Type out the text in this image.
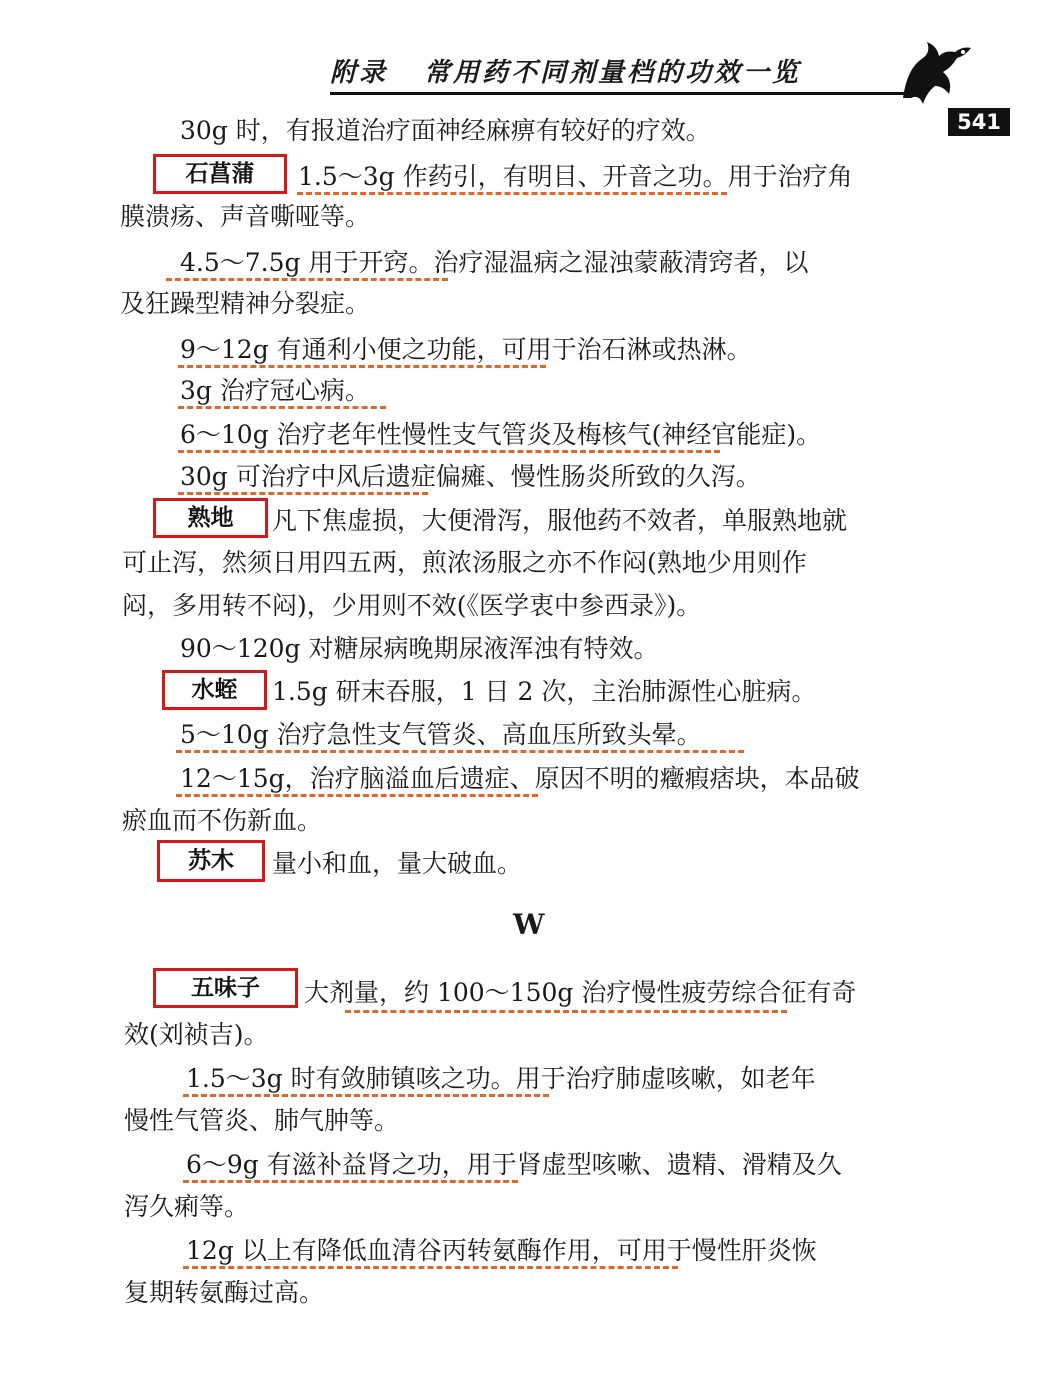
附录 常用药不同剂量档的功效一览
541
石菖蒲
熟地
水蛭
苏木
五味子
30g 时，有报道治疗面神经麻痹有较好的疗效。
1.5～3g 作药引，有明目、开音之功。用于治疗角
膜溃疡、声音嘶哑等。
4.5～7.5g 用于开窍。治疗湿温病之湿浊蒙蔽清窍者，以
及狂躁型精神分裂症。
9～12g 有通利小便之功能，可用于治石淋或热淋。
3g 治疗冠心病。
6～10g 治疗老年性慢性支气管炎及梅核气(神经官能症)。
30g 可治疗中风后遗症偏瘫、慢性肠炎所致的久泻。
凡下焦虚损，大便滑泻，服他药不效者，单服熟地就
可止泻，然须日用四五两，煎浓汤服之亦不作闷(熟地少用则作
闷，多用转不闷)，少用则不效(《医学衷中参西录》)。
90～120g 对糖尿病晚期尿液浑浊有特效。
1.5g 研末吞服，1 日 2 次，主治肺源性心脏病。
5～10g 治疗急性支气管炎、高血压所致头晕。
12～15g，治疗脑溢血后遗症、原因不明的癥瘕痞块，本品破
瘀血而不伤新血。
量小和血，量大破血。
W
大剂量，约 100～150g 治疗慢性疲劳综合征有奇
效(刘祯吉)。
1.5～3g 时有敛肺镇咳之功。用于治疗肺虚咳嗽，如老年
慢性气管炎、肺气肿等。
6～9g 有滋补益肾之功，用于肾虚型咳嗽、遗精、滑精及久
泻久痢等。
12g 以上有降低血清谷丙转氨酶作用，可用于慢性肝炎恢
复期转氨酶过高。
